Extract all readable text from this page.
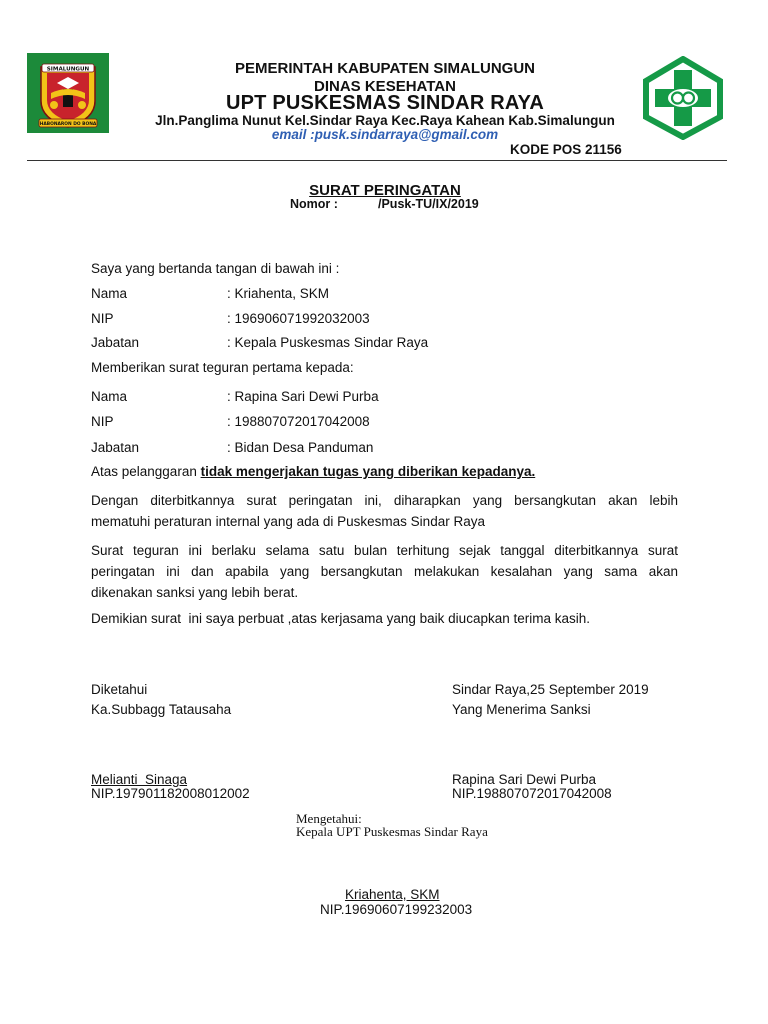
SIMALUNGUN
HABONARON DO BONA
PEMERINTAH KABUPATEN SIMALUNGUN
DINAS KESEHATAN
UPT PUSKESMAS SINDAR RAYA
Jln.Panglima Nunut Kel.Sindar Raya Kec.Raya Kahean Kab.Simalungun
email :pusk.sindarraya@gmail.com
KODE POS 21156
SURAT PERINGATAN
Nomor :	/Pusk-TU/IX/2019
Saya yang bertanda tangan di bawah ini :
Nama	: Kriahenta, SKM
NIP	: 196906071992032003
Jabatan	: Kepala Puskesmas Sindar Raya
Memberikan surat teguran pertama kepada:
Nama	: Rapina Sari Dewi Purba
NIP	: 198807072017042008
Jabatan	: Bidan Desa Panduman
Atas pelanggaran tidak mengerjakan tugas yang diberikan kepadanya.
Dengan diterbitkannya surat peringatan ini, diharapkan yang bersangkutan akan lebih
mematuhi peraturan internal yang ada di Puskesmas Sindar Raya
Surat teguran ini berlaku selama satu bulan terhitung sejak tanggal diterbitkannya surat
peringatan ini dan apabila yang bersangkutan melakukan kesalahan yang sama akan
dikenakan sanksi yang lebih berat.
Demikian surat  ini saya perbuat ,atas kerjasama yang baik diucapkan terima kasih.
Diketahui
Ka.Subbagg Tatausaha
Melianti  Sinaga
NIP.197901182008012002
Sindar Raya,25 September 2019
Yang Menerima Sanksi
Rapina Sari Dewi Purba
NIP.198807072017042008
Mengetahui:
Kepala UPT Puskesmas Sindar Raya
Kriahenta, SKM
NIP.19690607199232003
